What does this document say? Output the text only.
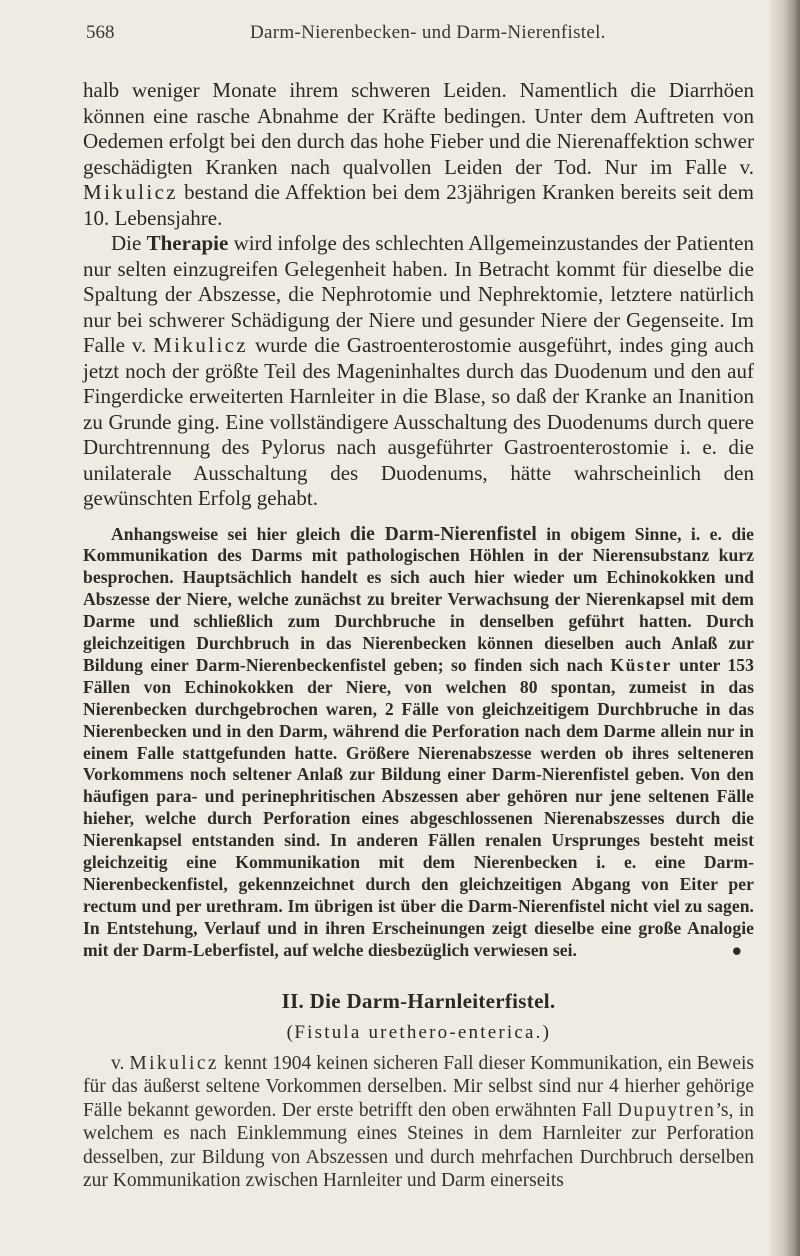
568	Darm-Nierenbecken- und Darm-Nierenfistel.

halb weniger Monate ihrem schweren Leiden. Namentlich die Diarrhöen können eine rasche Abnahme der Kräfte bedingen. Unter dem Auftreten von Oedemen erfolgt bei den durch das hohe Fieber und die Nierenaffektion schwer geschädigten Kranken nach qualvollen Leiden der Tod. Nur im Falle v. Mikulicz bestand die Affektion bei dem 23jährigen Kranken bereits seit dem 10. Lebensjahre.

Die Therapie wird infolge des schlechten Allgemeinzustandes der Patienten nur selten einzugreifen Gelegenheit haben. In Betracht kommt für dieselbe die Spaltung der Abszesse, die Nephrotomie und Nephrektomie, letztere natürlich nur bei schwerer Schädigung der Niere und gesunder Niere der Gegenseite. Im Falle v. Mikulicz wurde die Gastroenterostomie ausgeführt, indes ging auch jetzt noch der größte Teil des Mageninhaltes durch das Duodenum und den auf Fingerdicke erweiterten Harnleiter in die Blase, so daß der Kranke an Inanition zu Grunde ging. Eine vollständigere Ausschaltung des Duodenums durch quere Durchtrennung des Pylorus nach ausgeführter Gastroenterostomie i. e. die unilaterale Ausschaltung des Duodenums, hätte wahrscheinlich den gewünschten Erfolg gehabt.

Anhangsweise sei hier gleich die Darm-Nierenfistel in obigem Sinne, i. e. die Kommunikation des Darms mit pathologischen Höhlen in der Nierensubstanz kurz besprochen. Hauptsächlich handelt es sich auch hier wieder um Echinokokken und Abszesse der Niere, welche zunächst zu breiter Verwachsung der Nierenkapsel mit dem Darme und schließlich zum Durchbruche in denselben geführt hatten. Durch gleichzeitigen Durchbruch in das Nierenbecken können dieselben auch Anlaß zur Bildung einer Darm-Nierenbeckenfistel geben; so finden sich nach Küster unter 153 Fällen von Echinokokken der Niere, von welchen 80 spontan, zumeist in das Nierenbecken durchgebrochen waren, 2 Fälle von gleichzeitigem Durchbruche in das Nierenbecken und in den Darm, während die Perforation nach dem Darme allein nur in einem Falle stattgefunden hatte. Größere Nierenabszesse werden ob ihres selteneren Vorkommens noch seltener Anlaß zur Bildung einer Darm-Nierenfistel geben. Von den häufigen para- und perinephritischen Abszessen aber gehören nur jene seltenen Fälle hieher, welche durch Perforation eines abgeschlossenen Nierenabszesses durch die Nierenkapsel entstanden sind. In anderen Fällen renalen Ursprunges besteht meist gleichzeitig eine Kommunikation mit dem Nierenbecken i. e. eine Darm-Nierenbeckenfistel, gekennzeichnet durch den gleichzeitigen Abgang von Eiter per rectum und per urethram. Im übrigen ist über die Darm-Nierenfistel nicht viel zu sagen. In Entstehung, Verlauf und in ihren Erscheinungen zeigt dieselbe eine große Analogie mit der Darm-Leberfistel, auf welche diesbezüglich verwiesen sei.	●

II. Die Darm-Harnleiterfistel.
(Fistula urethero-enterica.)

v. Mikulicz kennt 1904 keinen sicheren Fall dieser Kommunikation, ein Beweis für das äußerst seltene Vorkommen derselben. Mir selbst sind nur 4 hierher gehörige Fälle bekannt geworden. Der erste betrifft den oben erwähnten Fall Dupuytren’s, in welchem es nach Einklemmung eines Steines in dem Harnleiter zur Perforation desselben, zur Bildung von Abszessen und durch mehrfachen Durchbruch derselben zur Kommunikation zwischen Harnleiter und Darm einerseits
